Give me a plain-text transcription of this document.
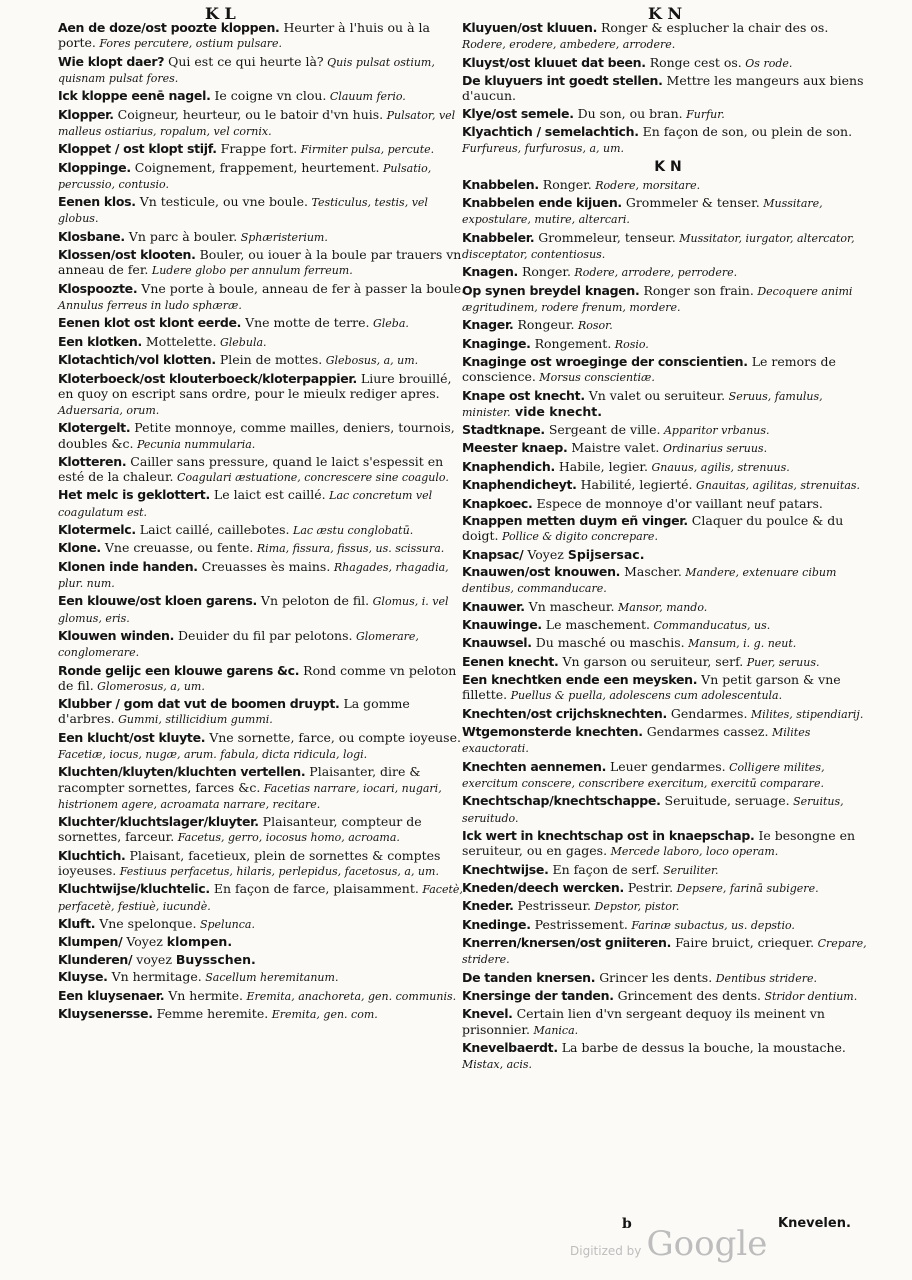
K L	K N
Aen de doze/ost poozte kloppen. Heurter à l'huis ou à la porte. Fores percutere, ostium pulsare.
Wie klopt daer? Qui est ce qui heurte là? Quis pulsat ostium, quisnam pulsat fores.
Ick kloppe eenē nagel. Ie coigne vn clou. Clauum ferio.
Klopper. Coigneur, heurteur, ou le batoir d'vn huis. Pulsator, vel malleus ostiarius, ropalum, vel cornix.
Kloppet / ost klopt stijf. Frappe fort. Firmiter pulsa, percute.
Kloppinge. Coignement, frappement, heurtement. Pulsatio, percussio, contusio.
Eenen klos. Vn testicule, ou vne boule. Testiculus, testis, vel globus.
Klosbane. Vn parc à bouler. Sphæristerium.
Klossen/ost klooten. Bouler, ou iouer à la boule par trauers vn anneau de fer. Ludere globo per annulum ferreum.
Klospoozte. Vne porte à boule, anneau de fer à passer la boule. Annulus ferreus in ludo sphæræ.
Eenen klot ost klont eerde. Vne motte de terre. Gleba.
Een klotken. Mottelette. Glebula.
Klotachtich/vol klotten. Plein de mottes. Glebosus, a, um.
Kloterboeck/ost klouterboeck/kloterpappier. Liure brouillé, en quoy on escript sans ordre, pour le mieulx rediger apres. Aduersaria, orum.
Klotergelt. Petite monnoye, comme mailles, deniers, tournois, doubles &c. Pecunia nummularia.
Klotteren. Cailler sans pressure, quand le laict s'espessit en esté de la chaleur. Coagulari æstuatione, concrescere sine coagulo.
Het melc is geklottert. Le laict est caillé. Lac concretum vel coagulatum est.
Klotermelc. Laict caillé, caillebotes. Lac æstu conglobatū.
Klone. Vne creuasse, ou fente. Rima, fissura, fissus, us. scissura.
Klonen inde handen. Creuasses ès mains. Rhagades, rhagadia, plur. num.
Een klouwe/ost kloen garens. Vn peloton de fil. Glomus, i. vel glomus, eris.
Klouwen winden. Deuider du fil par pelotons. Glomerare, conglomerare.
Ronde gelijc een klouwe garens &c. Rond comme vn peloton de fil. Glomerosus, a, um.
Klubber / gom dat vut de boomen druypt. La gomme d'arbres. Gummi, stillicidium gummi.
Een klucht/ost kluyte. Vne sornette, farce, ou compte ioyeuse. Facetiæ, iocus, nugæ, arum. fabula, dicta ridicula, logi.
Kluchten/kluyten/kluchten vertellen. Plaisanter, dire & racompter sornettes, farces &c. Facetias narrare, iocari, nugari, histrionem agere, acroamata narrare, recitare.
Kluchter/kluchtslager/kluyter. Plaisanteur, compteur de sornettes, farceur. Facetus, gerro, iocosus homo, acroama.
Kluchtich. Plaisant, facetieux, plein de sornettes & comptes ioyeuses. Festiuus perfacetus, hilaris, perlepidus, facetosus, a, um.
Kluchtwijse/kluchtelic. En façon de farce, plaisamment. Facetè, perfacetè, festiuè, iucundè.
Kluft. Vne spelonque. Spelunca.
Klumpen/ Voyez klompen.
Klunderen/ voyez Buysschen.
Kluyse. Vn hermitage. Sacellum heremitanum.
Een kluysenaer. Vn hermite. Eremita, anachoreta, gen. communis.
Kluysenersse. Femme heremite. Eremita, gen. com.
Kluyuen/ost kluuen. Ronger & esplucher la chair des os. Rodere, erodere, ambedere, arrodere.
Kluyst/ost kluuet dat been. Ronge cest os. Os rode.
De kluyuers int goedt stellen. Mettre les mangeurs aux biens d'aucun.
Klye/ost semele. Du son, ou bran. Furfur.
Klyachtich / semelachtich. En façon de son, ou plein de son. Furfureus, furfurosus, a, um.
K N
Knabbelen. Ronger. Rodere, morsitare.
Knabbelen ende kijuen. Grommeler & tenser. Mussitare, expostulare, mutire, altercari.
Knabbeler. Grommeleur, tenseur. Mussitator, iurgator, altercator, disceptator, contentiosus.
Knagen. Ronger. Rodere, arrodere, perrodere.
Op synen breydel knagen. Ronger son frain. Decoquere animi ægritudinem, rodere frenum, mordere.
Knager. Rongeur. Rosor.
Knaginge. Rongement. Rosio.
Knaginge ost wroeginge der conscientien. Le remors de conscience. Morsus conscientiæ.
Knape ost knecht. Vn valet ou seruiteur. Seruus, famulus, minister. vide knecht.
Stadtknape. Sergeant de ville. Apparitor vrbanus.
Meester knaep. Maistre valet. Ordinarius seruus.
Knaphendich. Habile, legier. Gnauus, agilis, strenuus.
Knaphendicheyt. Habilité, legierté. Gnauitas, agilitas, strenuitas.
Knapkoec. Espece de monnoye d'or vaillant neuf patars.
Knappen metten duym eñ vinger. Claquer du poulce & du doigt. Pollice & digito concrepare.
Knapsac/ Voyez Spijsersac.
Knauwen/ost knouwen. Mascher. Mandere, extenuare cibum dentibus, commanducare.
Knauwer. Vn mascheur. Mansor, mando.
Knauwinge. Le maschement. Commanducatus, us.
Knauwsel. Du masché ou maschis. Mansum, i. g. neut.
Eenen knecht. Vn garson ou seruiteur, serf. Puer, seruus.
Een knechtken ende een meysken. Vn petit garson & vne fillette. Puellus & puella, adolescens cum adolescentula.
Knechten/ost crijchsknechten. Gendarmes. Milites, stipendiarij.
Wtgemonsterde knechten. Gendarmes cassez. Milites exauctorati.
Knechten aennemen. Leuer gendarmes. Colligere milites, exercitum conscere, conscribere exercitum, exercitū comparare.
Knechtschap/knechtschappe. Seruitude, seruage. Seruitus, seruitudo.
Ick wert in knechtschap ost in knaepschap. Ie besongne en seruiteur, ou en gages. Mercede laboro, loco operam.
Knechtwijse. En façon de serf. Seruiliter.
Kneden/deech wercken. Pestrir. Depsere, farinā subigere.
Kneder. Pestrisseur. Depstor, pistor.
Knedinge. Pestrissement. Farinæ subactus, us. depstio.
Knerren/knersen/ost gniiteren. Faire bruict, criequer. Crepare, stridere.
De tanden knersen. Grincer les dents. Dentibus stridere.
Knersinge der tanden. Grincement des dents. Stridor dentium.
Knevel. Certain lien d'vn sergeant dequoy ils meinent vn prisonnier. Manica.
Knevelbaerdt. La barbe de dessus la bouche, la moustache. Mistax, acis.
b	Knevelen.
Digitized by Google
